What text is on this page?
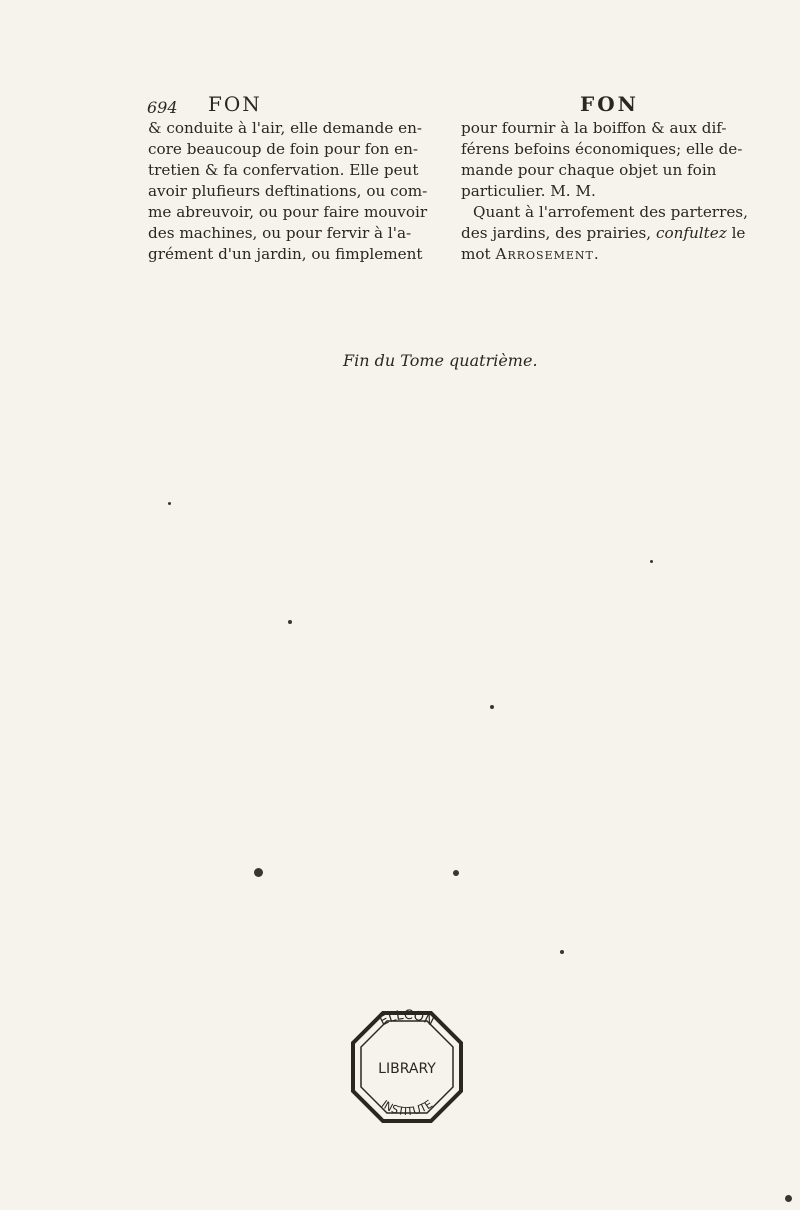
694 FON	FON
& conduite à l'air, elle demande en-
core beaucoup de foin pour fon en-
tretien & fa confervation. Elle peut
avoir plufieurs deftinations, ou com-
me abreuvoir, ou pour faire mouvoir
des machines, ou pour fervir à l'a-
grément d'un jardin, ou fimplement
pour fournir à la boiffon & aux dif-
férens befoins économiques; elle de-
mande pour chaque objet un foin
particulier. M. M.
Quant à l'arrofement des parterres,
des jardins, des prairies, confultez le
mot Arrosement.
Fin du Tome quatrième.
ELLCON
LIBRARY
INSTITUTE
